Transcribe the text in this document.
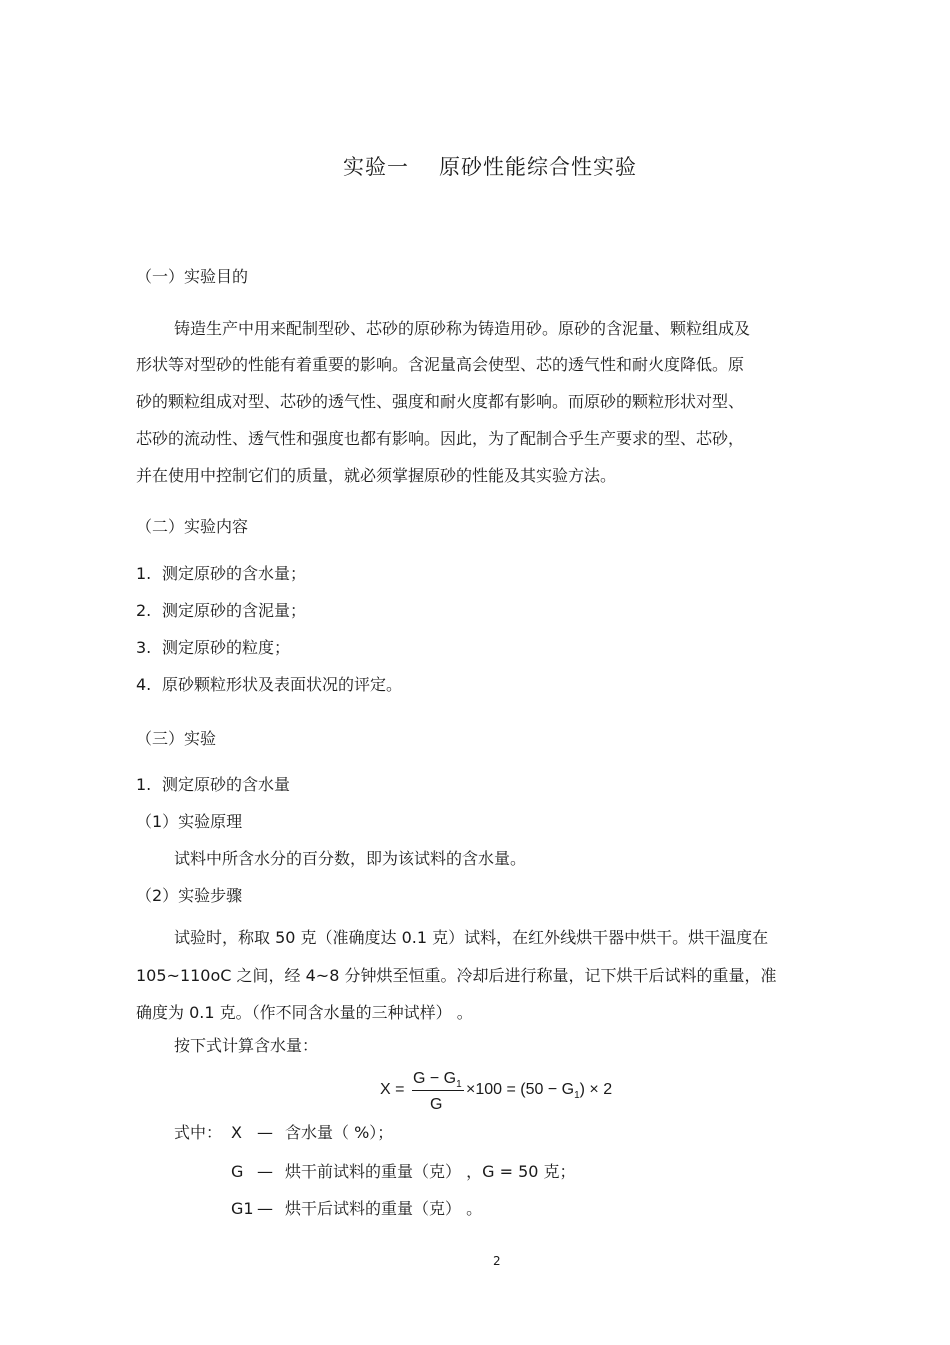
实验一 原砂性能综合性实验
（一）实验目的
铸造生产中用来配制型砂、芯砂的原砂称为铸造用砂。原砂的含泥量、颗粒组成及
形状等对型砂的性能有着重要的影响。含泥量高会使型、芯的透气性和耐火度降低。原
砂的颗粒组成对型、芯砂的透气性、强度和耐火度都有影响。而原砂的颗粒形状对型、
芯砂的流动性、透气性和强度也都有影响。因此，为了配制合乎生产要求的型、芯砂，
并在使用中控制它们的质量，就必须掌握原砂的性能及其实验方法。
（二）实验内容
1. 测定原砂的含水量；
2. 测定原砂的含泥量；
3. 测定原砂的粒度；
4. 原砂颗粒形状及表面状况的评定。
（三）实验
1. 测定原砂的含水量
（1）实验原理
试料中所含水分的百分数，即为该试料的含水量。
（2）实验步骤
试验时，称取 50 克（准确度达 0.1 克）试料，在红外线烘干器中烘干。烘干温度在
105~110oC 之间，经 4~8 分钟烘至恒重。冷却后进行称量，记下烘干后试料的重量，准
确度为 0.1 克。（作不同含水量的三种试样） 。
按下式计算含水量：
X =
$G - G_1$
G
$\times 100 = (50 - G_1) \times 2$
式中： X — 含水量（ %）；
G — 烘干前试料的重量（克） ，G = 50 克；
G1 — 烘干后试料的重量（克） 。
2
